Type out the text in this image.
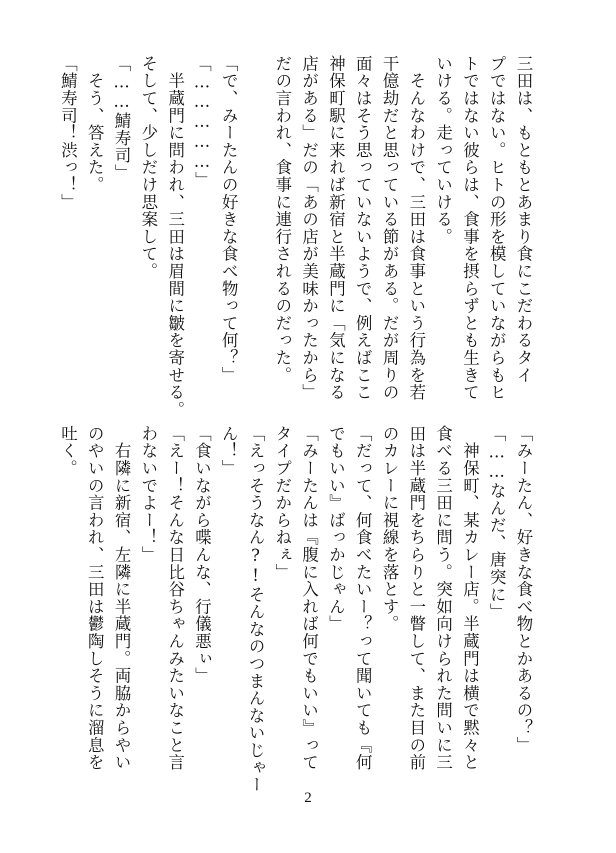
三田は、もともとあまり食にこだわるタイ
プではない。ヒトの形を模していながらもヒ
トではない彼らは、食事を摂らずとも生きて
いける。走っていける。
　そんなわけで、三田は食事という行為を若
干億劫だと思っている節がある。だが周りの
面々はそう思っていないようで、例えばここ
神保町駅に来れば新宿と半蔵門に「気になる
店がある」だの「あの店が美味かったから」
だの言われ、食事に連行されるのだった。

「で、みーたんの好きな食べ物って何？」
「……………」
　半蔵門に問われ、三田は眉間に皺を寄せる。
そして、少しだけ思案して。
「……鯖寿司」
　そう、答えた。
「鯖寿司！渋っ！」
「みーたん、好きな食べ物とかあるの？」
「……なんだ、唐突に」
　神保町、某カレー店。半蔵門は横で黙々と
食べる三田に問う。突如向けられた問いに三
田は半蔵門をちらりと一瞥して、また目の前
のカレーに視線を落とす。
「だって、何食べたいー？って聞いても『何
でもいい』ばっかじゃん」
「みーたんは『腹に入れば何でもいい』って
タイプだからねぇ」
「えっそうなん?!そんなのつまんないじゃー
ん！」
「食いながら喋んな、行儀悪ぃ」
「えー！そんな日比谷ちゃんみたいなこと言
わないでよー！」
　右隣に新宿、左隣に半蔵門。両脇からやい
のやいの言われ、三田は鬱陶しそうに溜息を
吐く。
2
